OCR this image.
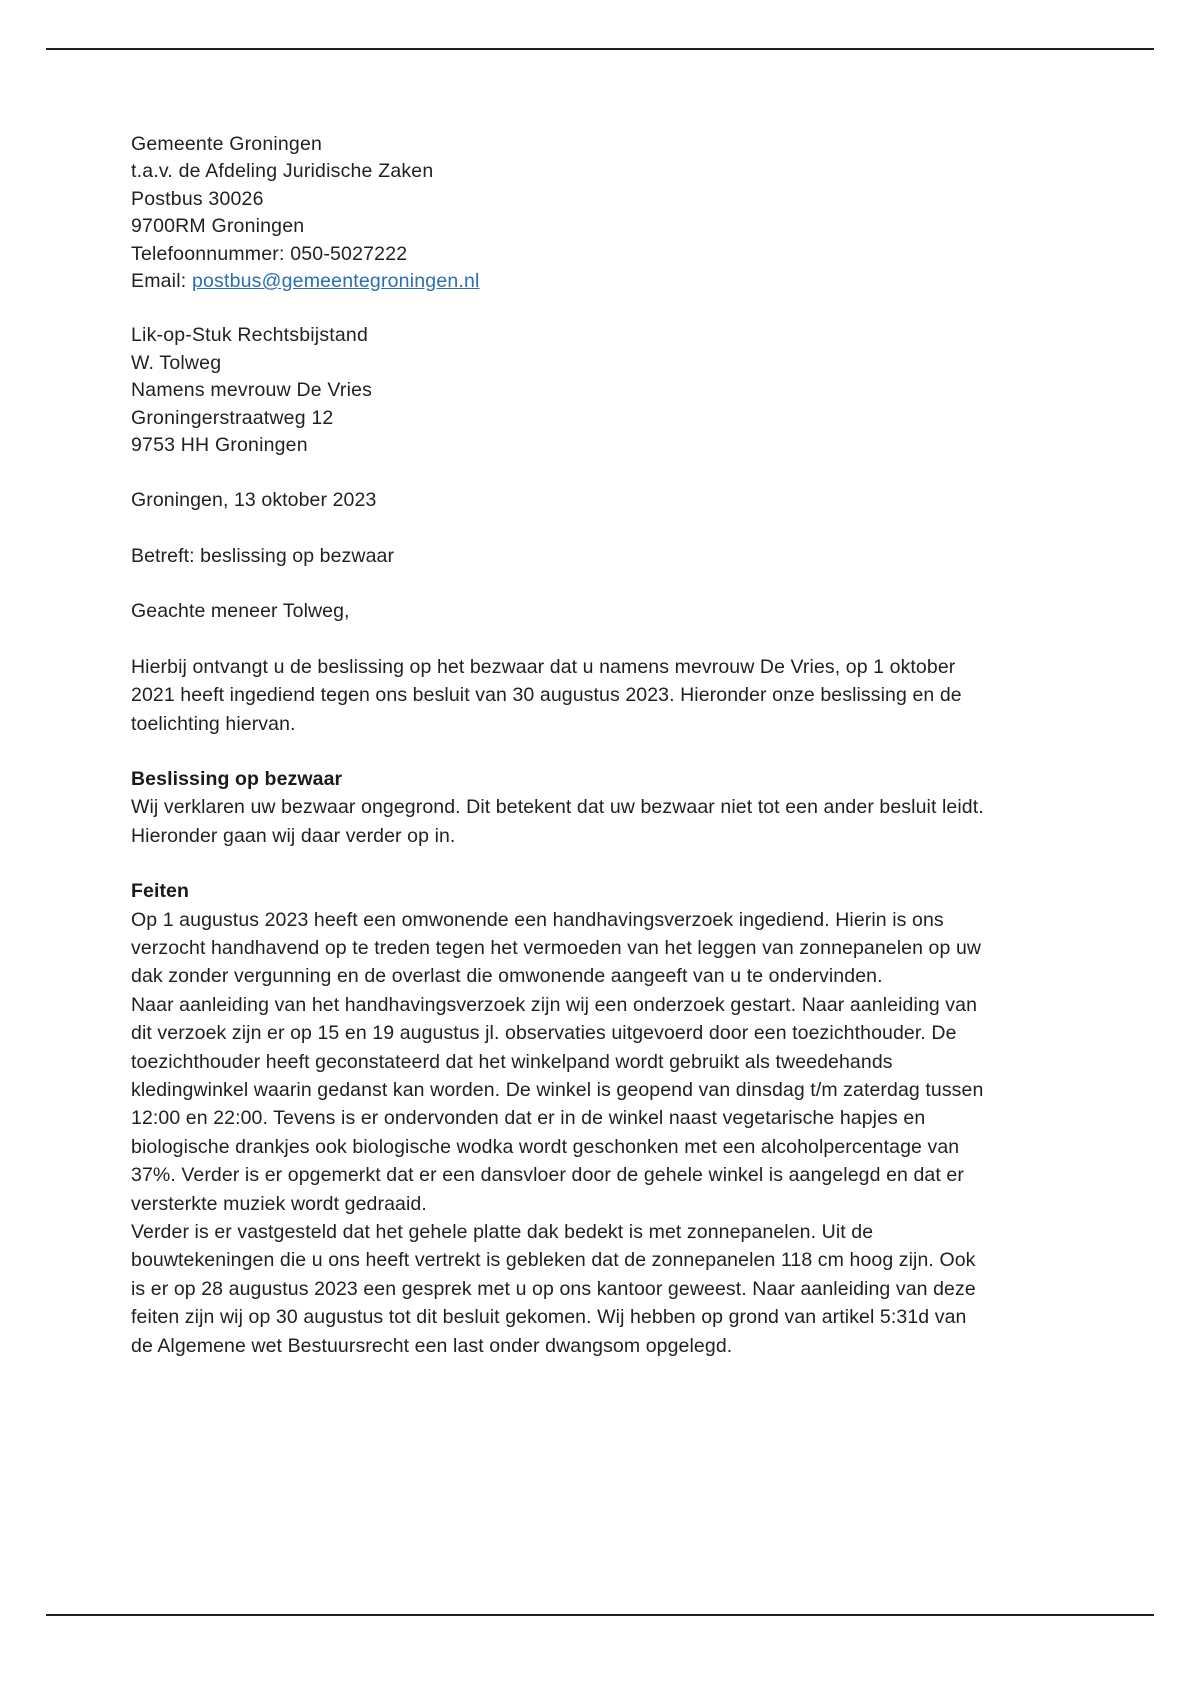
Gemeente Groningen
t.a.v. de Afdeling Juridische Zaken
Postbus 30026
9700RM Groningen
Telefoonnummer: 050-5027222
Email: postbus@gemeentegroningen.nl
Lik-op-Stuk Rechtsbijstand
W. Tolweg
Namens mevrouw De Vries
Groningerstraatweg 12
9753 HH Groningen

Groningen, 13 oktober 2023

Betreft: beslissing op bezwaar

Geachte meneer Tolweg,

Hierbij ontvangt u de beslissing op het bezwaar dat u namens mevrouw De Vries, op 1 oktober 2021 heeft ingediend tegen ons besluit van 30 augustus 2023. Hieronder onze beslissing en de toelichting hiervan.

Beslissing op bezwaar

Wij verklaren uw bezwaar ongegrond. Dit betekent dat uw bezwaar niet tot een ander besluit leidt. Hieronder gaan wij daar verder op in.

Feiten

Op 1 augustus 2023 heeft een omwonende een handhavingsverzoek ingediend. Hierin is ons verzocht handhavend op te treden tegen het vermoeden van het leggen van zonnepanelen op uw dak zonder vergunning en de overlast die omwonende aangeeft van u te ondervinden.

Naar aanleiding van het handhavingsverzoek zijn wij een onderzoek gestart. Naar aanleiding van dit verzoek zijn er op 15 en 19 augustus jl. observaties uitgevoerd door een toezichthouder. De toezichthouder heeft geconstateerd dat het winkelpand wordt gebruikt als tweedehands kledingwinkel waarin gedanst kan worden. De winkel is geopend van dinsdag t/m zaterdag tussen 12:00 en 22:00. Tevens is er ondervonden dat er in de winkel naast vegetarische hapjes en biologische drankjes ook biologische wodka wordt geschonken met een alcoholpercentage van 37%. Verder is er opgemerkt dat er een dansvloer door de gehele winkel is aangelegd en dat er versterkte muziek wordt gedraaid.

Verder is er vastgesteld dat het gehele platte dak bedekt is met zonnepanelen. Uit de bouwtekeningen die u ons heeft vertrekt is gebleken dat de zonnepanelen 118 cm hoog zijn. Ook is er op 28 augustus 2023 een gesprek met u op ons kantoor geweest. Naar aanleiding van deze feiten zijn wij op 30 augustus tot dit besluit gekomen. Wij hebben op grond van artikel 5:31d van de Algemene wet Bestuursrecht een last onder dwangsom opgelegd.
